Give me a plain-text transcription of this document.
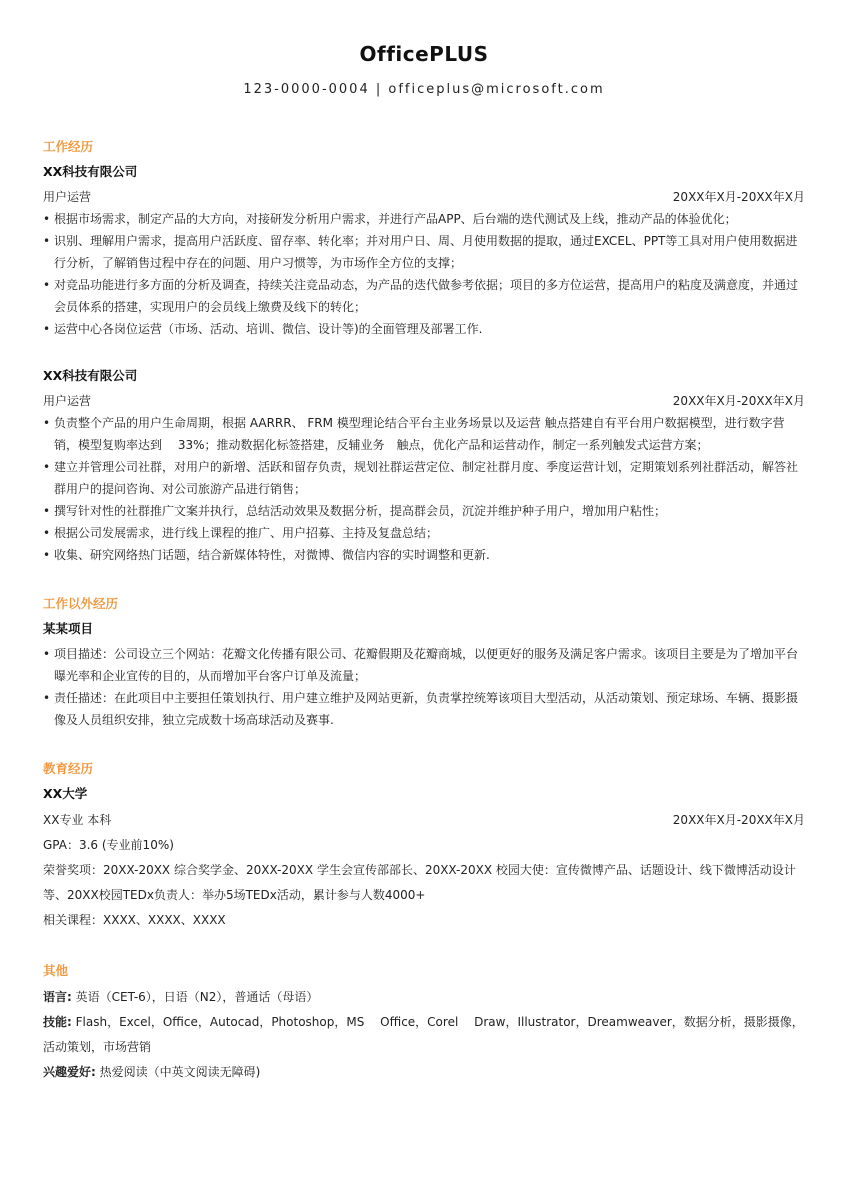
OfficePLUS
123-0000-0004 | officeplus@microsoft.com
工作经历
XX科技有限公司
用户运营	20XX年X月-20XX年X月
• 根据市场需求，制定产品的大方向，对接研发分析用户需求，并进行产品APP、后台端的迭代测试及上线，推动产品的体验优化；
• 识别、理解用户需求，提高用户活跃度、留存率、转化率；并对用户日、周、月使用数据的提取，通过EXCEL、PPT等工具对用户使用数据进行分析，了解销售过程中存在的问题、用户习惯等，为市场作全方位的支撑；
• 对竞品功能进行多方面的分析及调查，持续关注竞品动态，为产品的迭代做参考依据；项目的多方位运营，提高用户的粘度及满意度，并通过会员体系的搭建，实现用户的会员线上缴费及线下的转化；
• 运营中心各岗位运营（市场、活动、培训、微信、设计等)的全面管理及部署工作.
XX科技有限公司
用户运营	20XX年X月-20XX年X月
• 负责整个产品的用户生命周期，根据 AARRR、 FRM 模型理论结合平台主业务场景以及运营 触点搭建自有平台用户数据模型，进行数字营销，模型复购率达到　 33%；推动数据化标签搭建，反辅业务　触点，优化产品和运营动作，制定一系列触发式运营方案；
• 建立并管理公司社群，对用户的新增、活跃和留存负责，规划社群运营定位、制定社群月度、季度运营计划，定期策划系列社群活动，解答社群用户的提问咨询、对公司旅游产品进行销售；
• 撰写针对性的社群推广文案并执行，总结活动效果及数据分析，提高群会员，沉淀并维护种子用户，增加用户粘性；
• 根据公司发展需求，进行线上课程的推广、用户招募、主持及复盘总结；
• 收集、研究网络热门话题，结合新媒体特性，对微博、微信内容的实时调整和更新.
工作以外经历
某某项目
• 项目描述：公司设立三个网站：花瓣文化传播有限公司、花瓣假期及花瓣商城，以便更好的服务及满足客户需求。该项目主要是为了增加平台曝光率和企业宣传的目的，从而增加平台客户订单及流量；
• 责任描述：在此项目中主要担任策划执行、用户建立维护及网站更新，负责掌控统筹该项目大型活动，从活动策划、预定球场、车辆、摄影摄像及人员组织安排，独立完成数十场高球活动及赛事.
教育经历
XX大学
XX专业 本科	20XX年X月-20XX年X月
GPA：3.6 (专业前10%)
荣誉奖项：20XX-20XX 综合奖学金、20XX-20XX 学生会宣传部部长、20XX-20XX 校园大使：宣传微博产品、话题设计、线下微博活动设计等、20XX校园TEDx负责人：举办5场TEDx活动，累计参与人数4000+
相关课程：XXXX、XXXX、XXXX
其他
语言: 英语（CET-6），日语（N2），普通话（母语）
技能: Flash，Excel，Office，Autocad，Photoshop，MS　 Office，Corel　 Draw，Illustrator，Dreamweaver，数据分析，摄影摄像，活动策划，市场营销
兴趣爱好: 热爱阅读（中英文阅读无障碍)
